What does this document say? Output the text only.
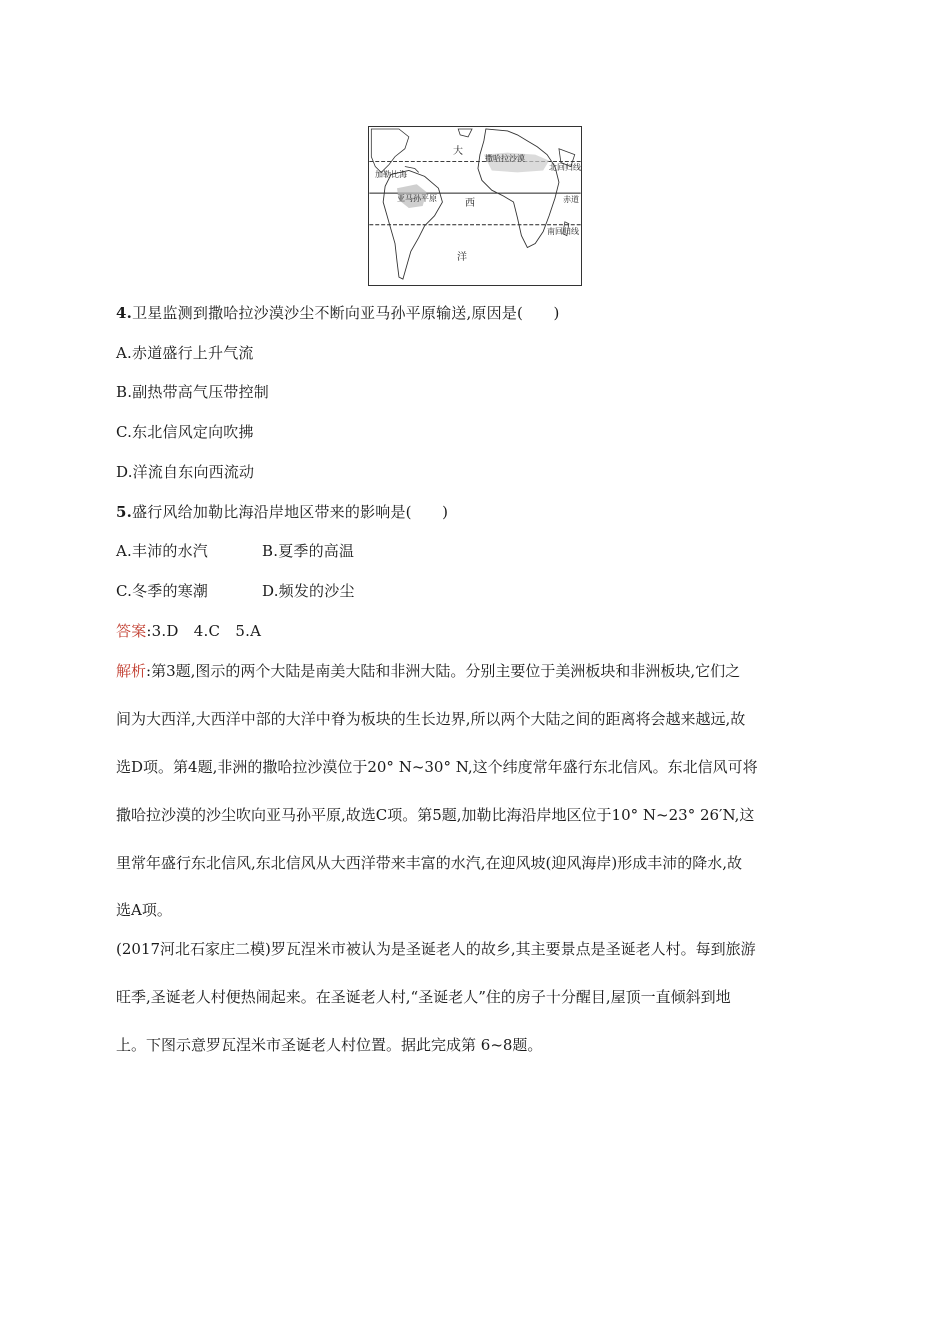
大
撒哈拉沙漠
北回归线
加勒比海
亚马孙平原	西	赤道
南回归线
洋
4.卫星监测到撒哈拉沙漠沙尘不断向亚马孙平原输送,原因是(　　)
A.赤道盛行上升气流
B.副热带高气压带控制
C.东北信风定向吹拂
D.洋流自东向西流动
5.盛行风给加勒比海沿岸地区带来的影响是(　　)
A.丰沛的水汽	B.夏季的高温
C.冬季的寒潮	D.频发的沙尘
答案:3.D　4.C　5.A
解析:第3题,图示的两个大陆是南美大陆和非洲大陆。分别主要位于美洲板块和非洲板块,它们之
间为大西洋,大西洋中部的大洋中脊为板块的生长边界,所以两个大陆之间的距离将会越来越远,故
选D项。第4题,非洲的撒哈拉沙漠位于20° N~30° N,这个纬度常年盛行东北信风。东北信风可将
撒哈拉沙漠的沙尘吹向亚马孙平原,故选C项。第5题,加勒比海沿岸地区位于10° N~23° 26′N,这
里常年盛行东北信风,东北信风从大西洋带来丰富的水汽,在迎风坡(迎风海岸)形成丰沛的降水,故
选A项。
(2017河北石家庄二模)罗瓦涅米市被认为是圣诞老人的故乡,其主要景点是圣诞老人村。每到旅游
旺季,圣诞老人村便热闹起来。在圣诞老人村,“圣诞老人”住的房子十分醒目,屋顶一直倾斜到地
上。下图示意罗瓦涅米市圣诞老人村位置。据此完成第 6~8题。
